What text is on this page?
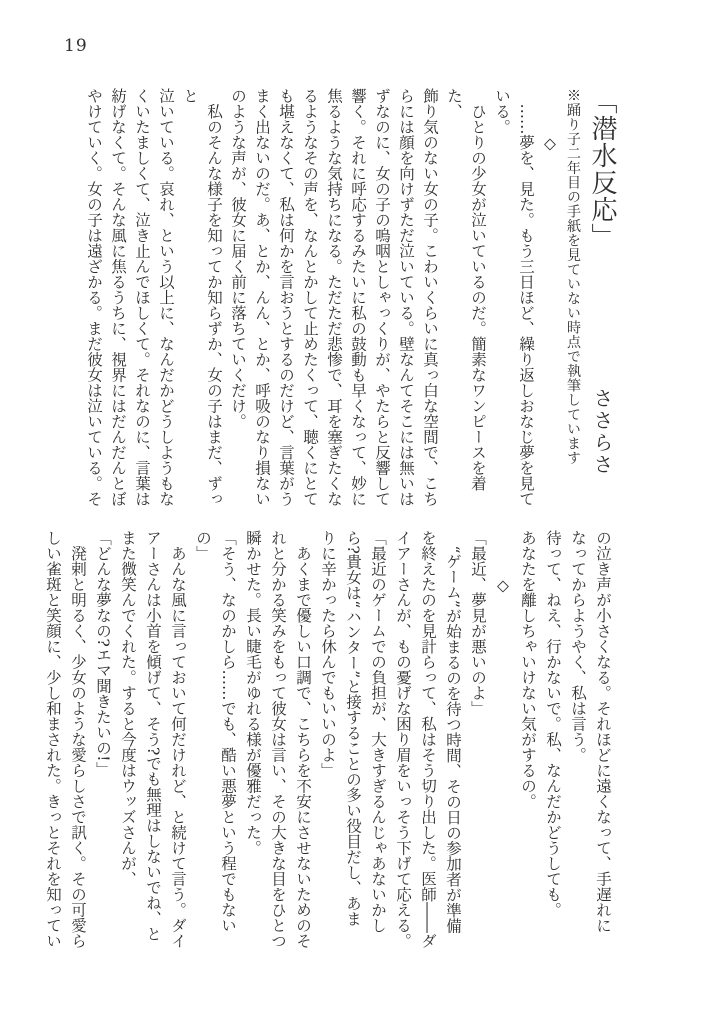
19

「潜水反応」ささらさ

※踊り子二年目の手紙を見ていない時点で執筆しています

　　　◇

　……夢を、見た。もう三日ほど、繰り返しおなじ夢を見て

いる。

　ひとりの少女が泣いているのだ。簡素なワンピースを着た、

飾り気のない女の子。こわいくらいに真っ白な空間で、こち

らには顔を向けずただ泣いている。壁なんてそこには無いは

ずなのに、女の子の嗚咽としゃっくりが、やたらと反響して

響く。それに呼応するみたいに私の鼓動も早くなって、妙に

焦るような気持ちになる。ただただ悲惨で、耳を塞ぎたくな

るようなその声を、なんとかして止めたくって、聴くにとて

も堪えなくて、私は何かを言おうとするのだけど、言葉がう

まく出ないのだ。あ、とか、んん、とか、呼吸のなり損ない

のような声が、彼女に届く前に落ちていくだけ。

　私のそんな様子を知ってか知らずか、女の子はまだ、ずっと

泣いている。哀れ、という以上に、なんだかどうしようもな

くいたましくて、泣き止んでほしくて。それなのに、言葉は

紡げなくて。そんな風に焦るうちに、視界にはだんだんとぼ

やけていく。女の子は遠ざかる。まだ彼女は泣いている。そ

の泣き声が小さくなる。それほどに遠くなって、手遅れに

なってからようやく、私は言う。

待って、ねえ、行かないで。私、なんだかどうしても。

あなたを離しちゃいけない気がするの。

　　　◇

「最近、夢見が悪いのよ」

　“ゲーム”が始まるのを待つ時間、その日の参加者が準備

を終えたのを見計らって、私はそう切り出した。医師――ダ

イアーさんが、もの憂げな困り眉をいっそう下げて応える。

「最近のゲームでの負担が、大きすぎるんじゃあないかし

ら?貴女は“ハンター”と接することの多い役目だし、あま

りに辛かったら休んでもいいのよ」

　あくまで優しい口調で、こちらを不安にさせないためのそ

れと分かる笑みをもって彼女は言い、その大きな目をひとつ

瞬かせた。長い睫毛がゆれる様が優雅だった。

「そう、なのかしら……でも、酷い悪夢という程でもないの」

　あんな風に言っておいて何だけれど、と続けて言う。ダイ

アーさんは小首を傾げて、そう?でも無理はしないでね、と

また微笑んでくれた。すると今度はウッズさんが、

「どんな夢なの?エマ聞きたいの!」

　溌剌と明るく、少女のような愛らしさで訊く。その可愛ら

しい雀斑と笑顔に、少し和まされた。きっとそれを知ってい
